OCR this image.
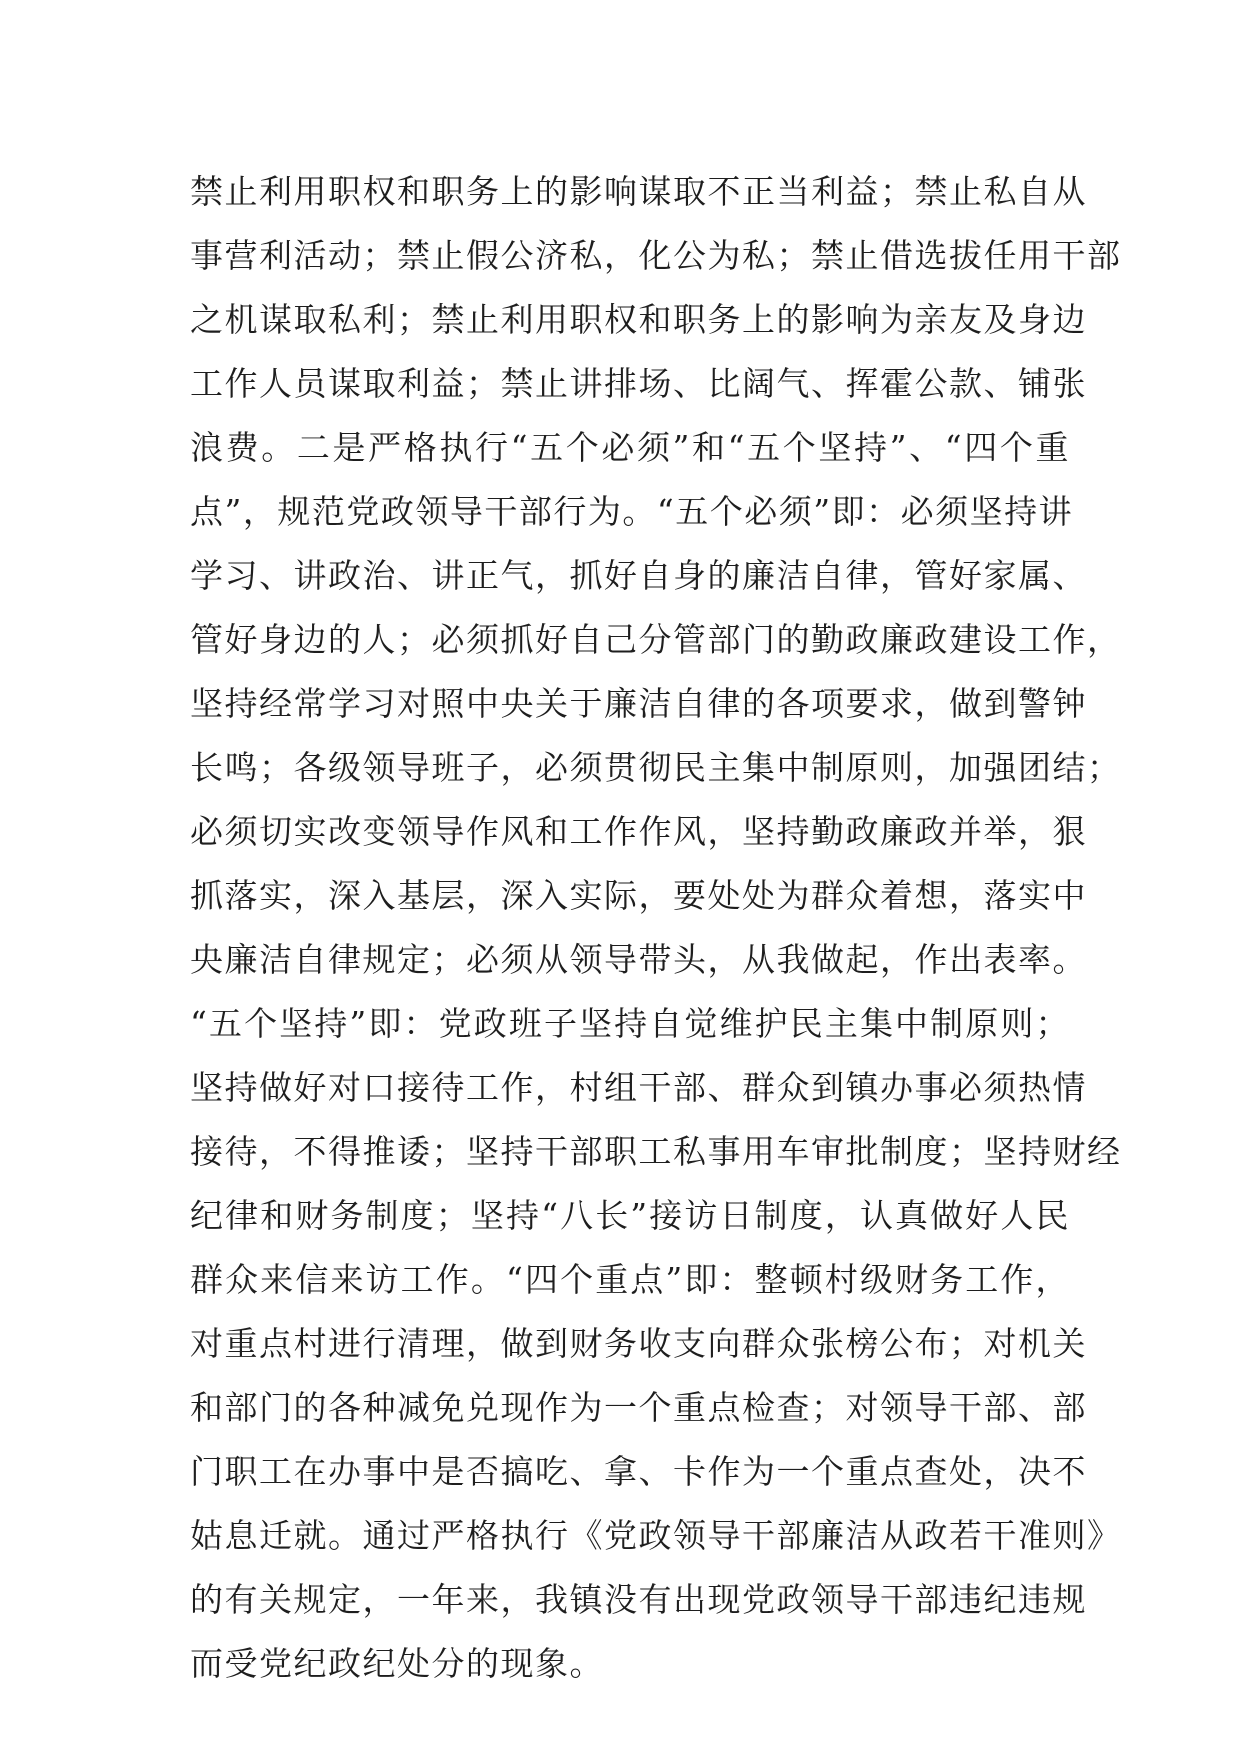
禁止利用职权和职务上的影响谋取不正当利益；禁止私自从
事营利活动；禁止假公济私，化公为私；禁止借选拔任用干部
之机谋取私利；禁止利用职权和职务上的影响为亲友及身边
工作人员谋取利益；禁止讲排场、比阔气、挥霍公款、铺张
浪费。二是严格执行“五个必须”和“五个坚持”、“四个重
点”，规范党政领导干部行为。“五个必须”即：必须坚持讲
学习、讲政治、讲正气，抓好自身的廉洁自律，管好家属、
管好身边的人；必须抓好自己分管部门的勤政廉政建设工作，
坚持经常学习对照中央关于廉洁自律的各项要求，做到警钟
长鸣；各级领导班子，必须贯彻民主集中制原则，加强团结；
必须切实改变领导作风和工作作风，坚持勤政廉政并举，狠
抓落实，深入基层，深入实际，要处处为群众着想，落实中
央廉洁自律规定；必须从领导带头，从我做起，作出表率。
“五个坚持”即：党政班子坚持自觉维护民主集中制原则；
坚持做好对口接待工作，村组干部、群众到镇办事必须热情
接待，不得推诿；坚持干部职工私事用车审批制度；坚持财经
纪律和财务制度；坚持“八长”接访日制度，认真做好人民
群众来信来访工作。“四个重点”即：整顿村级财务工作，
对重点村进行清理，做到财务收支向群众张榜公布；对机关
和部门的各种减免兑现作为一个重点检查；对领导干部、部
门职工在办事中是否搞吃、拿、卡作为一个重点查处，决不
姑息迁就。通过严格执行《党政领导干部廉洁从政若干准则》
的有关规定，一年来，我镇没有出现党政领导干部违纪违规
而受党纪政纪处分的现象。
